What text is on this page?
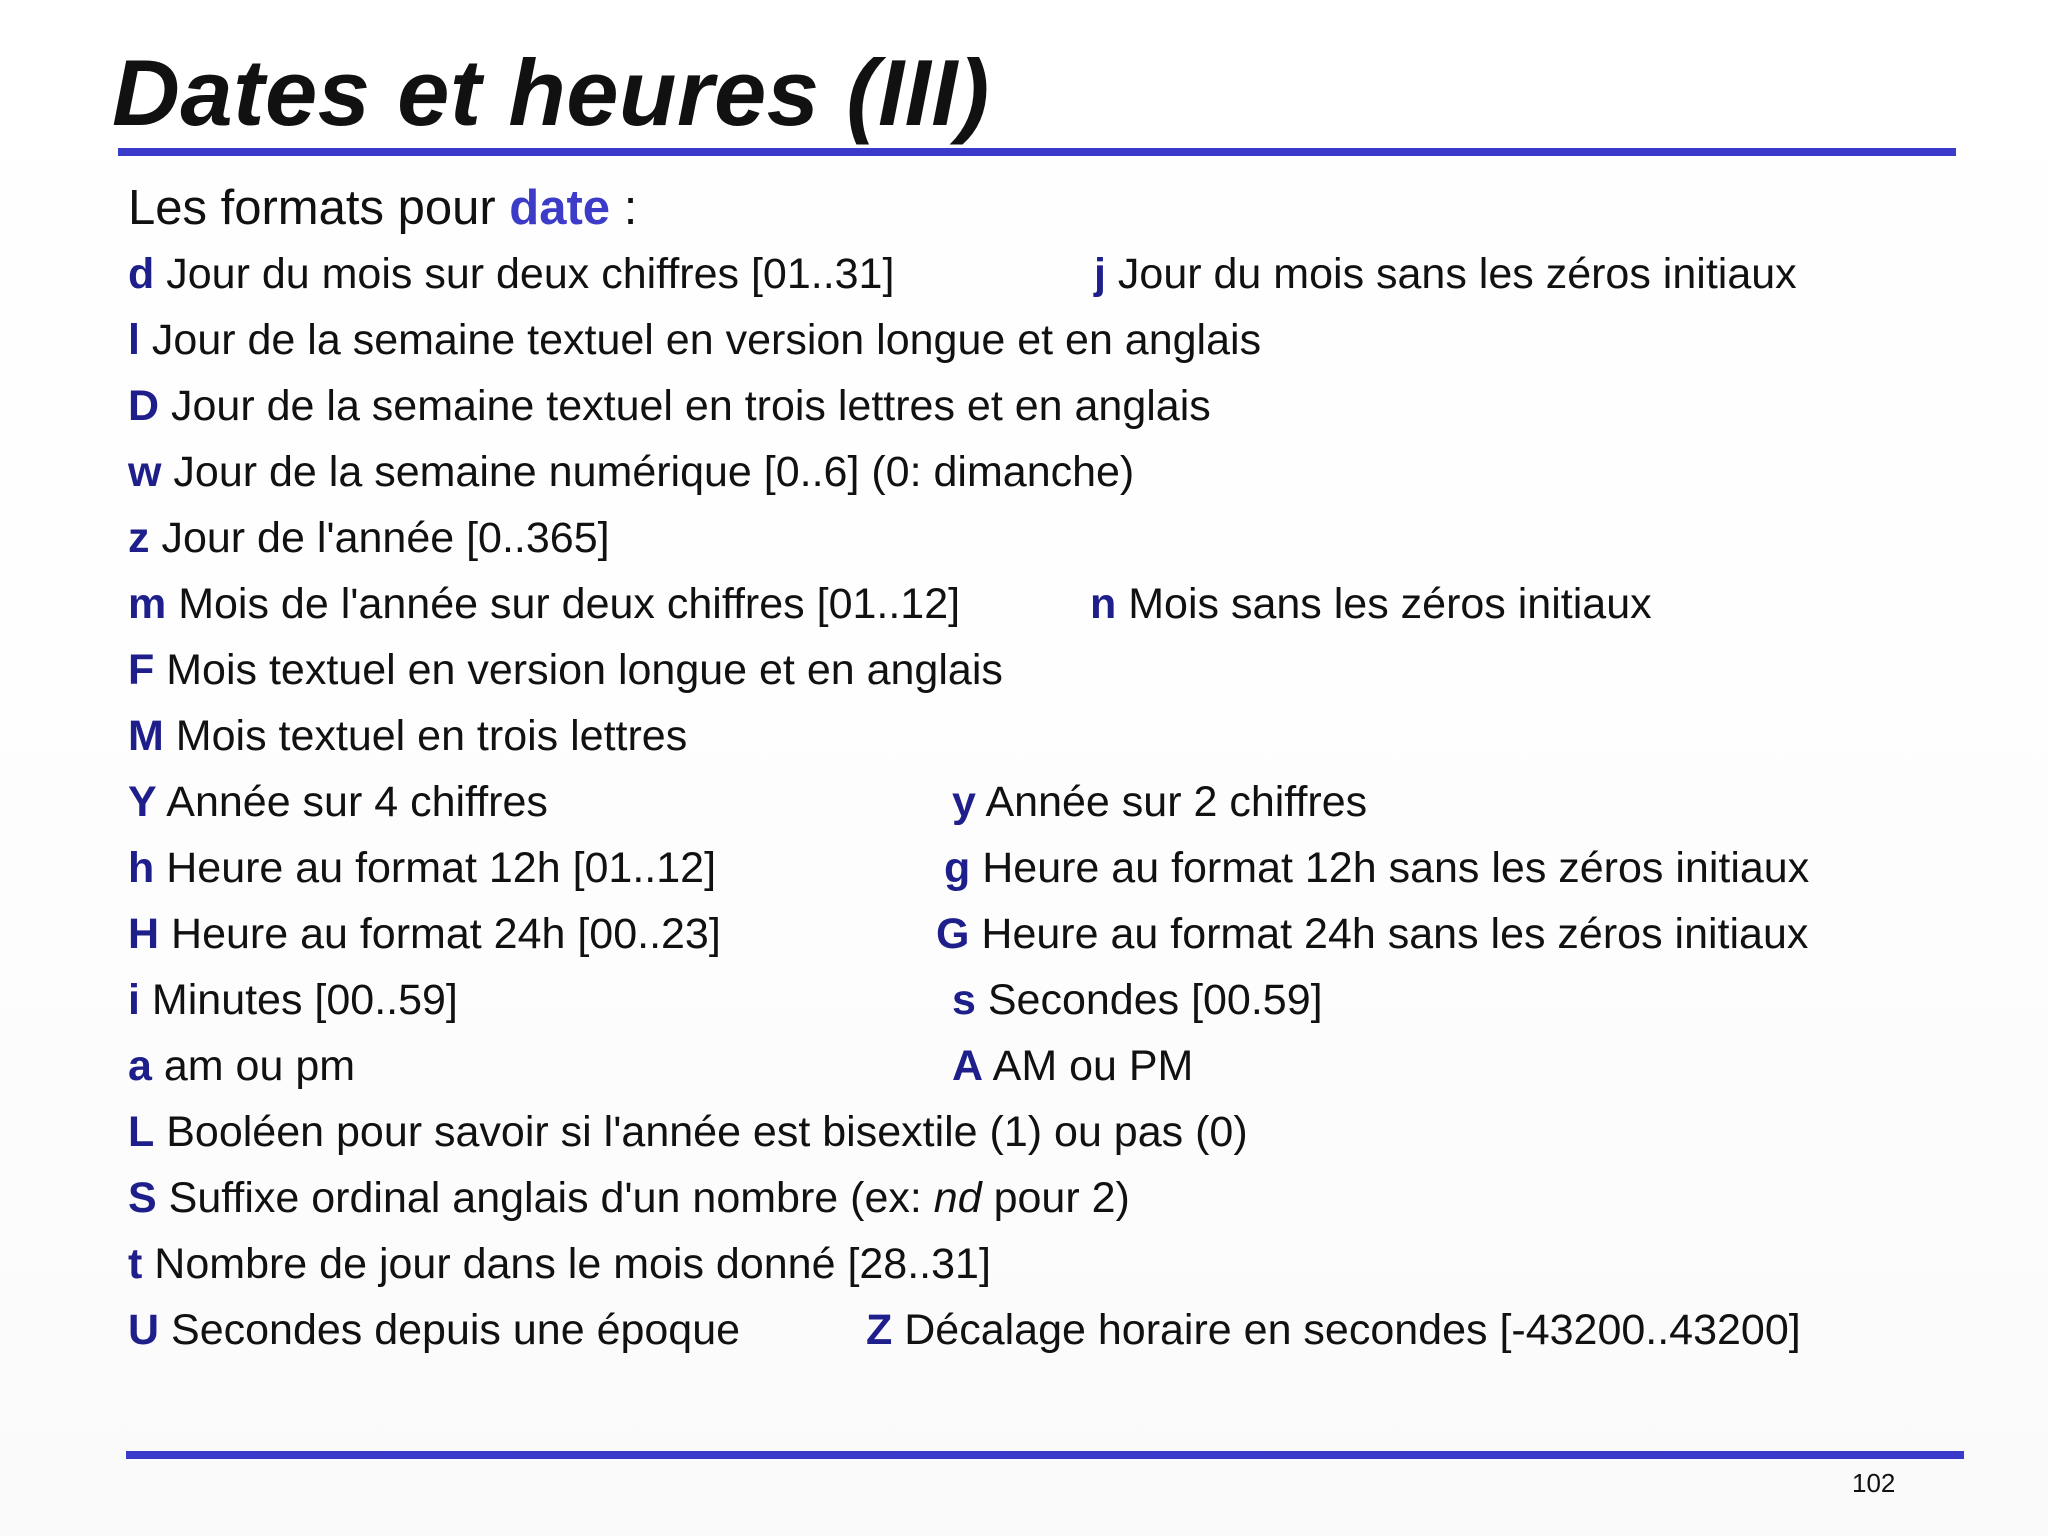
Dates et heures (III)
Les formats pour date :
d Jour du mois sur deux chiffres [01..31]	j Jour du mois sans les zéros initiaux
l Jour de la semaine textuel en version longue et en anglais
D Jour de la semaine textuel en trois lettres et en anglais
w Jour de la semaine numérique [0..6] (0: dimanche)
z Jour de l'année [0..365]
m Mois de l'année sur deux chiffres [01..12]	n Mois sans les zéros initiaux
F Mois textuel en version longue et en anglais
M Mois textuel en trois lettres
Y Année sur 4 chiffres	y Année sur 2 chiffres
h Heure au format 12h [01..12]	g Heure au format 12h sans les zéros initiaux
H Heure au format 24h [00..23]	G Heure au format 24h sans les zéros initiaux
i Minutes [00..59]	s Secondes [00.59]
a am ou pm	A AM ou PM
L Booléen pour savoir si l'année est bisextile (1) ou pas (0)
S Suffixe ordinal anglais d'un nombre (ex: nd pour 2)
t Nombre de jour dans le mois donné [28..31]
U Secondes depuis une époque	Z Décalage horaire en secondes [-43200..43200]
102
